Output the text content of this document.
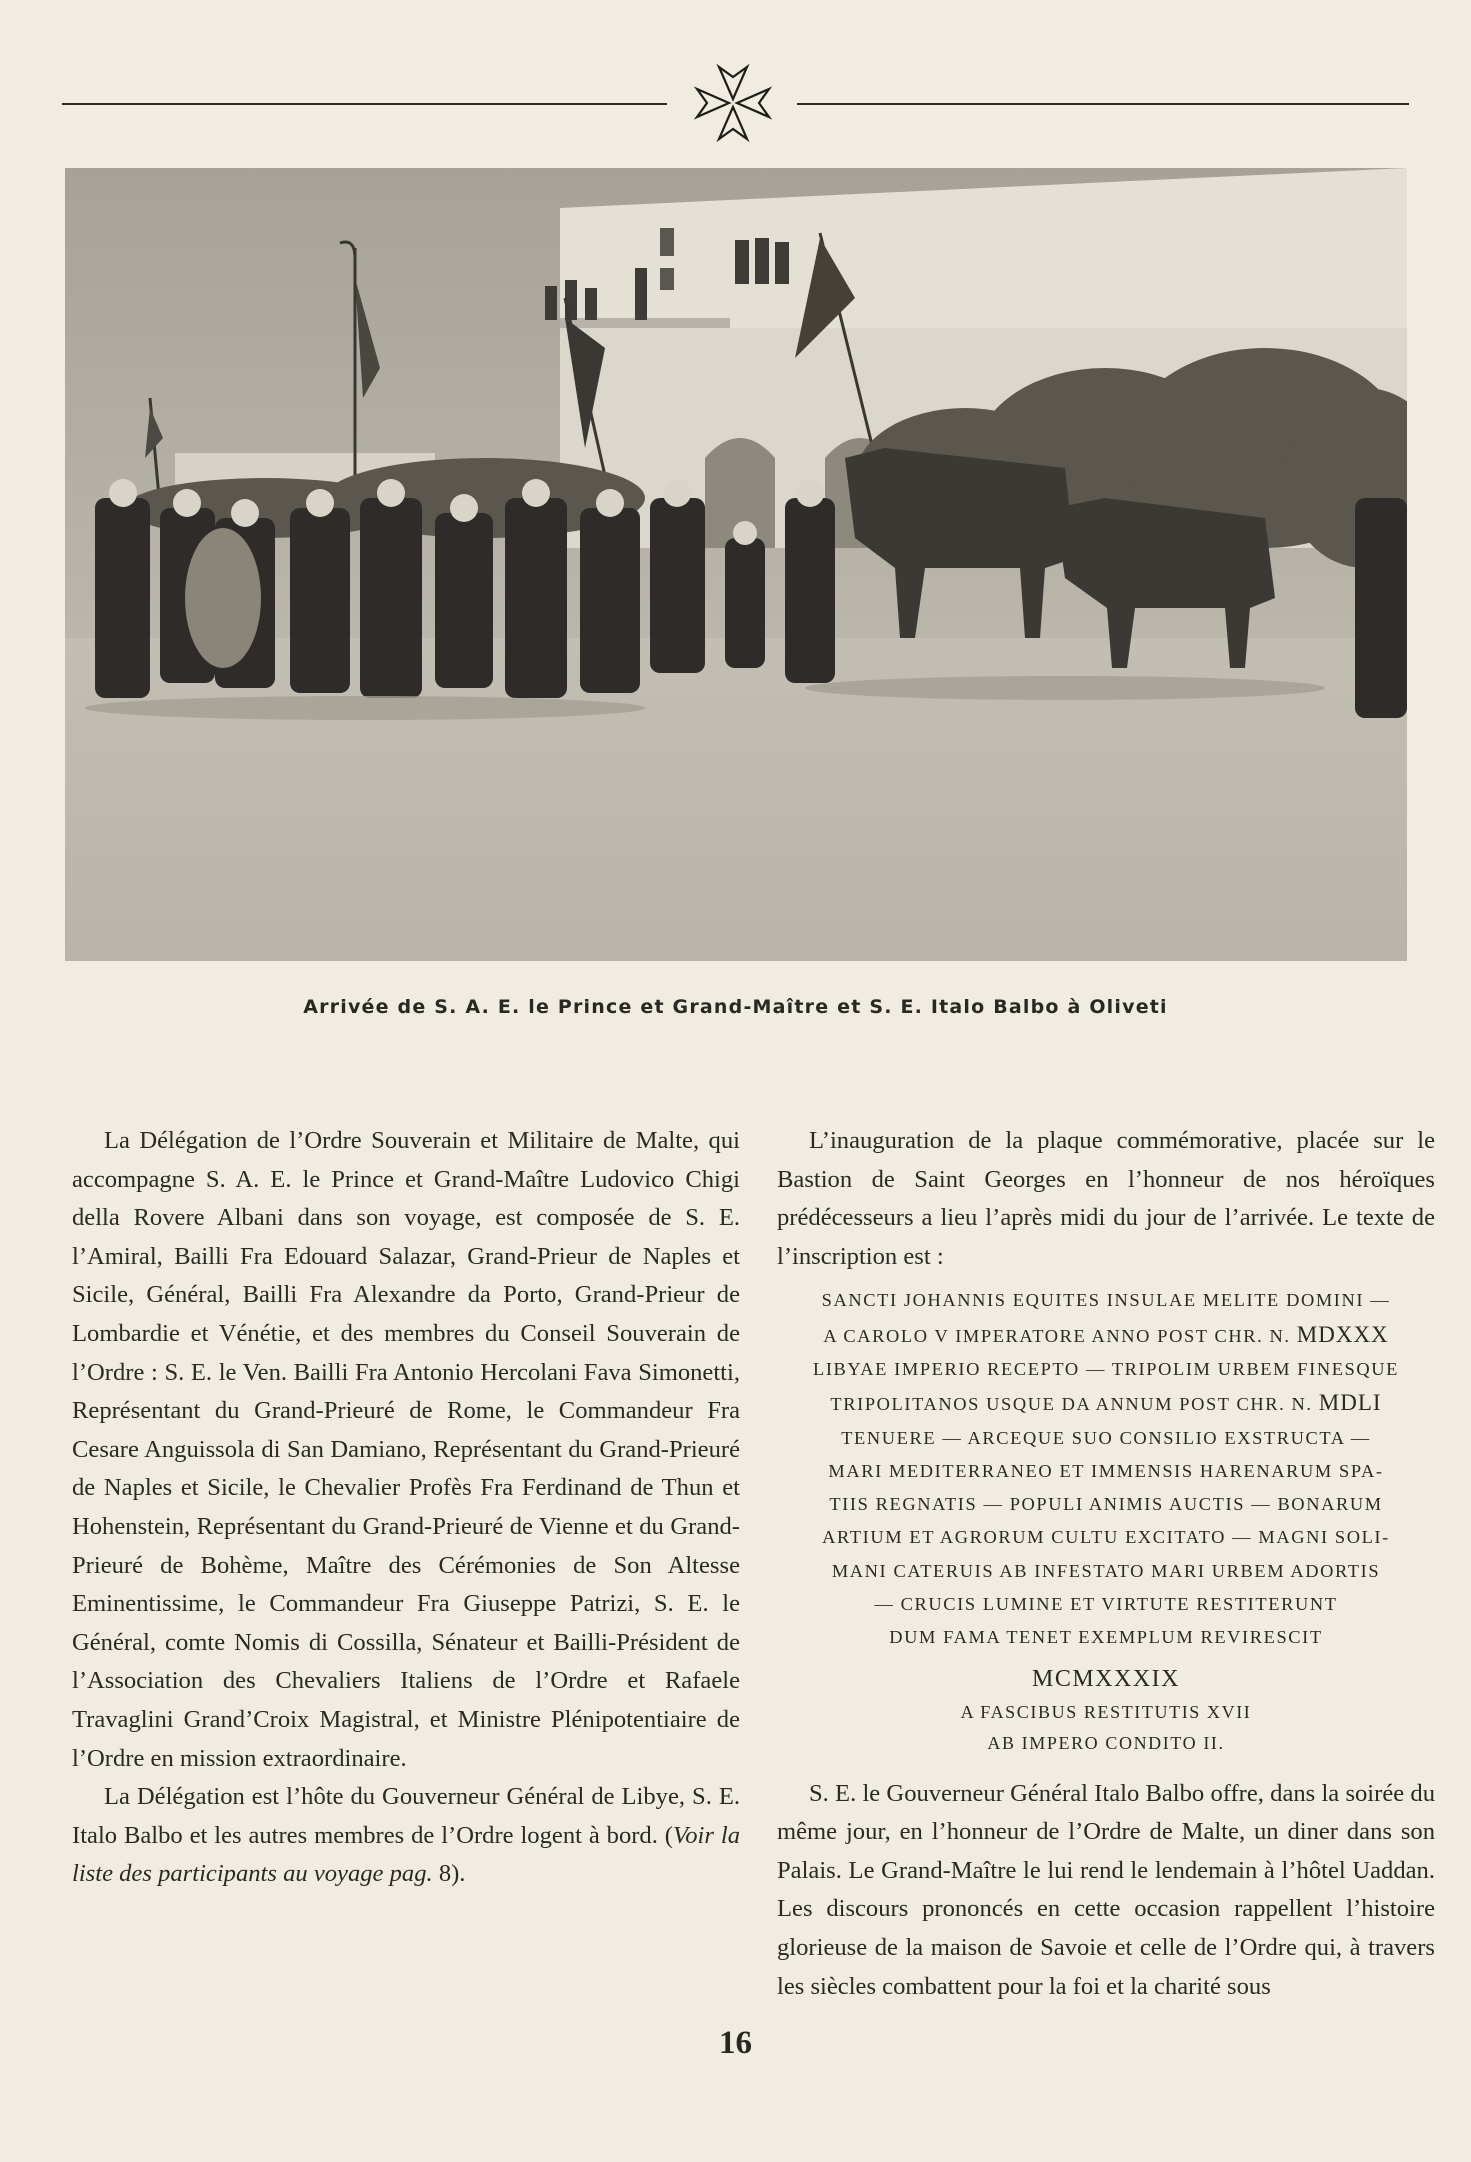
Arrivée de S. A. E. le Prince et Grand-Maître et S. E. Italo Balbo à Oliveti

La Délégation de l’Ordre Souverain et Militaire de Malte, qui accompagne S. A. E. le Prince et Grand-Maître Ludovico Chigi della Rovere Albani dans son voyage, est composée de S. E. l’Amiral, Bailli Fra Edouard Salazar, Grand-Prieur de Naples et Sicile, Général, Bailli Fra Alexandre da Porto, Grand-Prieur de Lombardie et Vénétie, et des membres du Conseil Souverain de l’Ordre : S. E. le Ven. Bailli Fra Antonio Hercolani Fava Simonetti, Représentant du Grand-Prieuré de Rome, le Commandeur Fra Cesare Anguissola di San Damiano, Représentant du Grand-Prieuré de Naples et Sicile, le Chevalier Profès Fra Ferdinand de Thun et Hohenstein, Représentant du Grand-Prieuré de Vienne et du Grand-Prieuré de Bohème, Maître des Cérémonies de Son Altesse Eminentissime, le Commandeur Fra Giuseppe Patrizi, S. E. le Général, comte Nomis di Cossilla, Sénateur et Bailli-Président de l’Association des Chevaliers Italiens de l’Ordre et Rafaele Travaglini Grand’Croix Magistral, et Ministre Plénipotentiaire de l’Ordre en mission extraordinaire.

La Délégation est l’hôte du Gouverneur Général de Libye, S. E. Italo Balbo et les autres membres de l’Ordre logent à bord. (Voir la liste des participants au voyage pag. 8).

L’inauguration de la plaque commémorative, placée sur le Bastion de Saint Georges en l’honneur de nos héroïques prédécesseurs a lieu l’après midi du jour de l’arrivée. Le texte de l’inscription est :

SANCTI JOHANNIS EQUITES INSULAE MELITE DOMINI —
A CAROLO V IMPERATORE ANNO POST CHR. N. MDXXX
LIBYAE IMPERIO RECEPTO — TRIPOLIM URBEM FINESQUE
TRIPOLITANOS USQUE DA ANNUM POST CHR. N. MDLI
TENUERE — ARCEQUE SUO CONSILIO EXSTRUCTA —
MARI MEDITERRANEO ET IMMENSIS HARENARUM SPA-
TIIS REGNATIS — POPULI ANIMIS AUCTIS — BONARUM
ARTIUM ET AGRORUM CULTU EXCITATO — MAGNI SOLI-
MANI CATERUIS AB INFESTATO MARI URBEM ADORTIS
— CRUCIS LUMINE ET VIRTUTE RESTITERUNT
DUM FAMA TENET EXEMPLUM REVIRESCIT
MCMXXXIX
A FASCIBUS RESTITUTIS XVII
AB IMPERO CONDITO II.

S. E. le Gouverneur Général Italo Balbo offre, dans la soirée du même jour, en l’honneur de l’Ordre de Malte, un diner dans son Palais. Le Grand-Maître le lui rend le lendemain à l’hôtel Uaddan. Les discours prononcés en cette occasion rappellent l’histoire glorieuse de la maison de Savoie et celle de l’Ordre qui, à travers les siècles combattent pour la foi et la charité sous

16
